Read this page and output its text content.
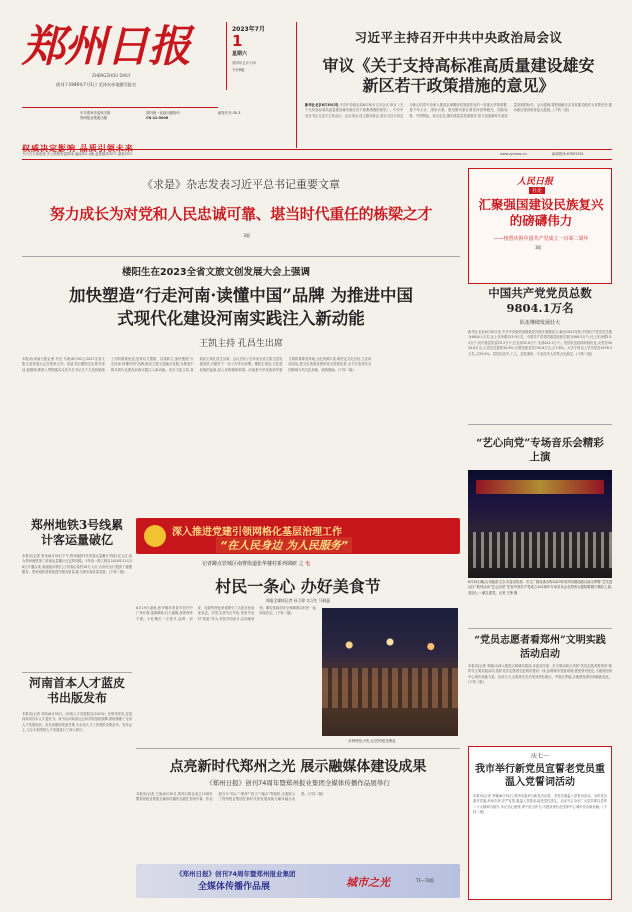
郑州日报
ZHENGZHOU DAILY
创刊于1949年7月1日 毛泽东亲笔题写报名
2023年7月
1
星期六
癸卯年五月十四
今日8版
中共郑州市委机关报
郑州报业集团出版
国内统一连续出版物号
CN 41-0008
邮发代号:35-3
今天白天到夜里 多云转阴有雷阵雨 偏南风3-4级 温度最高35℃ 最低25℃	www.zynews.cn	新闻热线:67655551
习近平主持召开中共中央政治局会议
审议《关于支持高标准高质量建设雄安新区若干政策措施的意见》
新华社北京6月30日电 中共中央政治局6月30日召开会议,审议《关于支持高标准高质量建设雄安新区若干政策措施的意见》。中共中央总书记习近平主持会议。会议指出,设立雄安新区,是以习近平同志为核心的党中央深入推进京津冀协同发展作出的一项重大决策部署,是千年大计、国家大事。建设雄安新区要坚持世界眼光、国际标准、中国特色、高点定位,紧扣高质量发展要求,努力创造新时代高质量发展的标杆。会议强调,要把疏解北京非首都功能作为首要任务,推动新区建设取得更大进展。(下转二版)
《求是》杂志发表习近平总书记重要文章
努力成长为对党和人民忠诚可靠、堪当时代重任的栋梁之才
3版
楼阳生在2023全省文旅文创发展大会上强调
加快塑造“行走河南·读懂中国”品牌 为推进中国式现代化建设河南实践注入新动能
王凯主持 孔昌生出席
本报讯(河南日报记者 冯芸 马涛)6月30日,2023全省文旅文创发展大会在郑州召开。省委书记楼阳生出席并讲话,他强调,要深入贯彻落实习近平总书记关于文化和旅游工作的重要论述,坚持以文塑旅、以旅彰文,加快塑造“行走河南·读懂中国”品牌,推动文旅文创融合发展,为推进中国式现代化建设河南实践注入新动能。省长王凯主持,省政协主席孔昌生出席。会议总结了近年来全省文旅文创发展成效,对做好下一步工作作出部署。楼阳生指出,文化是民族的血脉,是人民的精神家园。河南是中华民族和华夏文明的重要发祥地,文化资源丰富,要坚定文化自信,立足河南实际,把文化资源优势转化为发展优势,全力打造具有全国影响力的文化高地、旅游胜地。(下转二版)
郑州地铁3号线累计客运量破亿
本报讯(记者 张伟)6月30日下午,郑州地铁3号线客运量累计突破1亿人次,成为郑州地铁第三条客运量累计过亿的线路。3号线一期工程自2020年12月26日开通以来,客流稳步增长,日均客运量约18万人次,为市民出行提供了便捷服务。郑州地铁将持续提升服务质量,助力城市高质量发展。(下转二版)
河南首本人才蓝皮书出版发布
本报讯(记者 刘伟)6月30日,《河南人才发展报告(2023)》在郑州发布,这是河南省首本人才蓝皮书。该书由河南省社会科学院组织编撰,系统梳理了全省人才发展现状、存在问题和发展对策,为全省人才工作提供决策参考。发布会上,与会专家围绕人才发展进行了深入研讨。
深入推进党建引领网格化基层治理工作
“在人民身边 为人民服务”
记者蹲点管城区南曹街道张华楼村系列调研 之 七
村民一条心 办好美食节
郑报全媒体记者 孙卫琼 实习生 马晓蕊
6月19日凌晨,张华楼村美食节在村中广场开幕,夜幕降临,灯火通明,游客络绎不绝。小吃摊位一字排开,烧烤、凉皮、烩面等特色美食吸引了大批市民前来品尝。村党支部书记介绍,美食节由村“两委”牵头,村民共同参与,从场地规划、摊位招商到安全保障都由村民一起商量决定。(下转二版)
各种特色小吃,让居民眼花缭乱
点亮新时代郑州之光 展示融媒体建设成果
《郑州日报》创刊74周年暨郑州报业集团全媒体传播作品展举行
本报讯(记者 王战)6月30日,郑州日报社成立74周年暨郑州报业集团全媒体传播作品展在郑州开幕。作品展分为“初心”“使命”“担当”“融合”等板块,全面展示了郑州报业集团在新时代的发展成就与媒体融合成果。(下转二版)
《郑州日报》创刊74周年暨郑州报业集团
全媒体传播作品展	城市之光	T1—T4版
人民日报
社论
汇聚强国建设民族复兴的磅礴伟力
——热烈庆祝中国共产党成立一百零二周年
3版
中国共产党党员总数9804.1万名
队伍继续发展壮大
新华社北京6月30日电 中共中央组织部最新党内统计数据显示,截至2022年底,中国共产党党员总数为9804.1万名,比上年净增133.9万名。中国共产党党的基层组织总数为506.5万个,比上年净增13.4万个,其中基层党委29.3万个,总支部32.0万个,支部445.2万个。党员队伍结构持续优化,女党员3020.6万名,占党员总数的30.8%;少数民族党员745.8万名,占7.6%。大学专科以上学历党员5476.3万名,占55.9%。党员队伍中,工人、农牧渔民、专业技术人员等占比稳定。(下转二版)
“艺心向党”专场音乐会精彩上演
6月30日晚,由市政府主办,市委宣传部、市文广旅局承办的2023年郑州市精品剧目演出季暨“艺术进社区”系列活动“艺心向党”庆祝中国共产党成立102周年专场音乐会在郑州大剧院歌剧厅精彩上演,喜迎七一,献礼建党。记者 王锋 摄
“党员志愿者看郑州”文明实践活动启动
本报讯(记者 李娜)为深入推进文明城市建设,市委宣传部、市文明办联合开展“党员志愿者看郑州”新时代文明实践活动,组织党员志愿者走进城市建设一线,参观城市发展成就,感受郑州变化,为建设国家中心城市贡献力量。活动当天,志愿者们先后来到郑东新区、中原区等地,实地感受城市面貌新变化。(下转二版)
庆七一
我市举行新党员宣誓老党员重温入党誓词活动
本报讯(记者 李娜)6月30日,郑州市委举行新党员宣誓、老党员重温入党誓词活动。全体党员面对党旗,高举右拳,庄严宣誓,重温入党誓词,接受党性洗礼。活动号召全市广大党员要以党的二十大精神为指引,牢记初心使命,勇于担当作为,为建设现代化国家中心城市作出新贡献。(下转二版)
